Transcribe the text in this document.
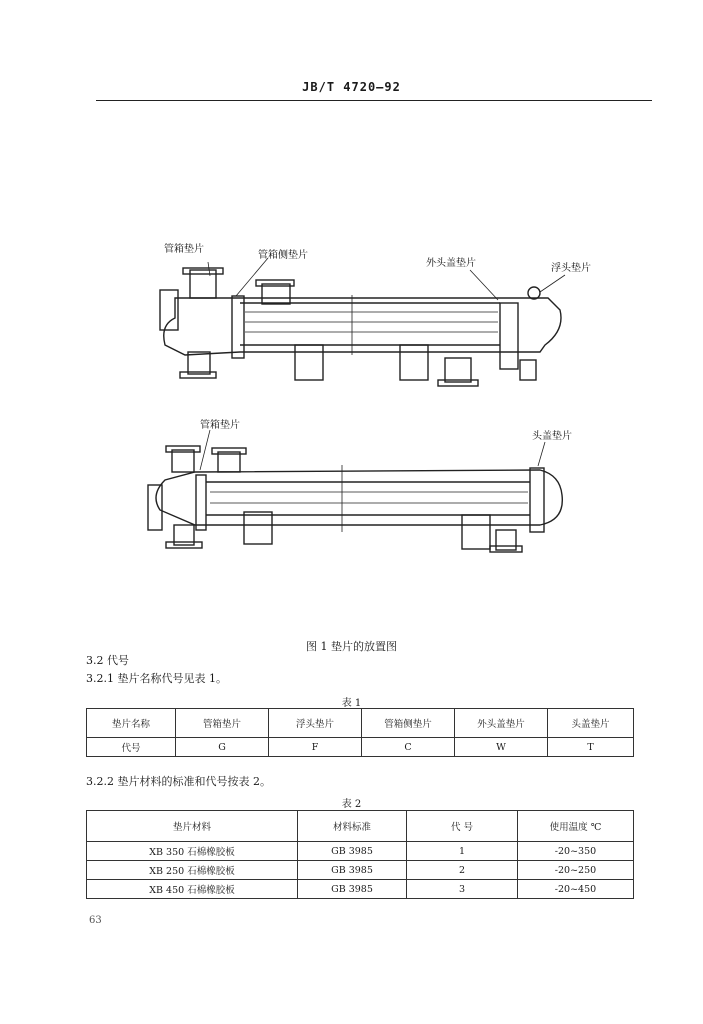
JB/T 4720—92
管箱垫片
管箱侧垫片
外头盖垫片	浮头垫片
管箱垫片
头盖垫片
图 1 垫片的放置图
3.2 代号
3.2.1 垫片名称代号见表 1。
表 1
垫片名称	管箱垫片	浮头垫片	管箱侧垫片	外头盖垫片	头盖垫片
代号	G	F	C	W	T
3.2.2 垫片材料的标准和代号按表 2。
表 2
垫片材料	材料标准	代 号	使用温度 ℃
XB 350 石棉橡胶板	GB 3985	1	-20~350
XB 250 石棉橡胶板	GB 3985	2	-20~250
XB 450 石棉橡胶板	GB 3985	3	-20~450
63
